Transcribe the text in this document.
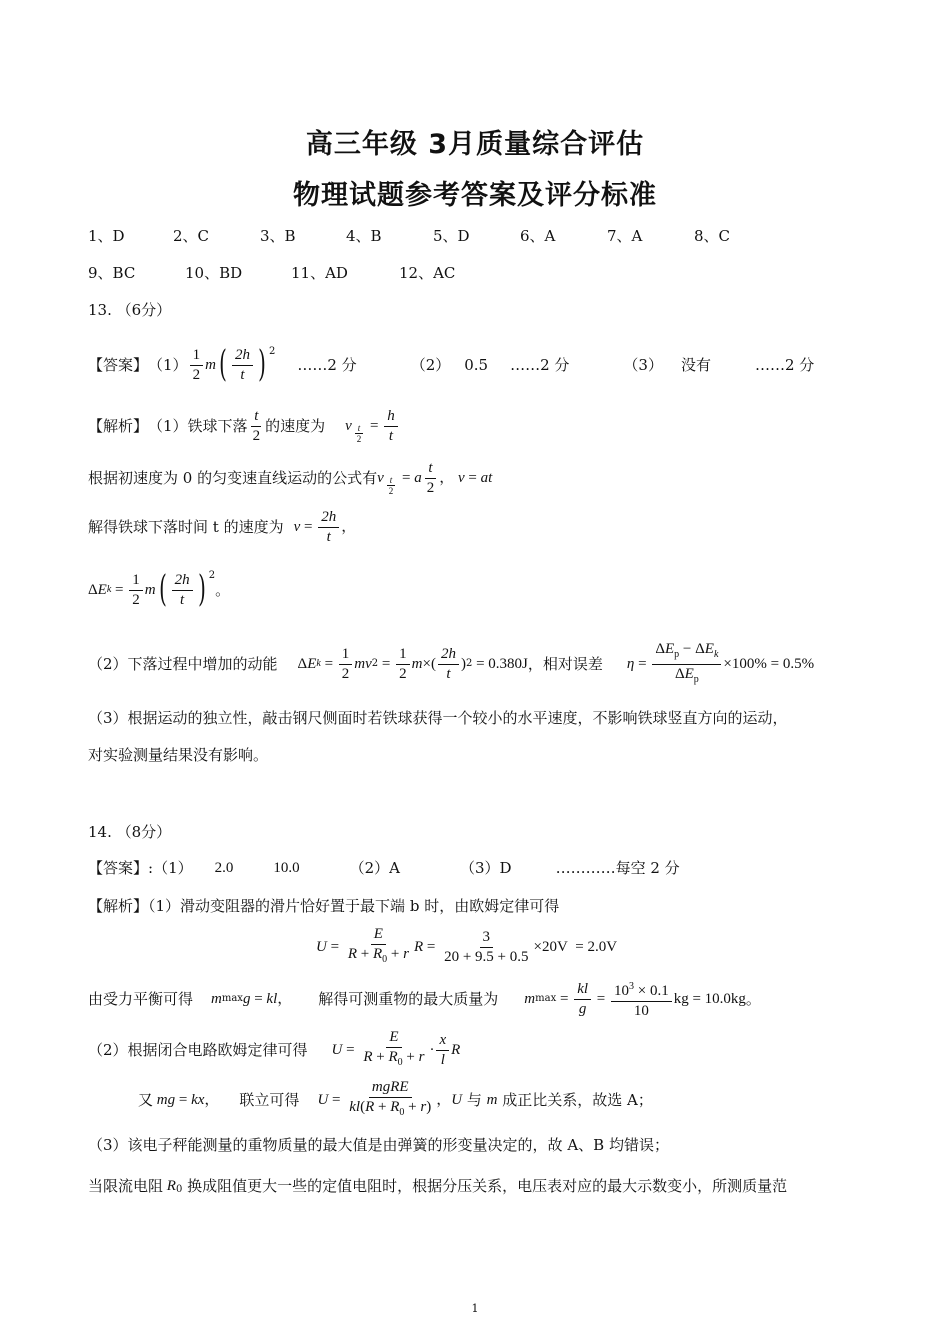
高三年级 3月质量综合评估
物理试题参考答案及评分标准
1、D	2、C	3、B	4、B	5、D	6、A	7、A	8、C
9、BC	10、BD	11、AD	12、AC
13. （6分）
【答案】 $(1) \frac{1}{2}$ m ( $\frac{2h}{t}$ ) $^2$
……2 分	（2） 0.5 ……2 分	（3） 没有	……2 分
【解析】 （1）铁球下落 $\frac{t}{2}$ 的速度为 v $_{\frac{t}{2}} = \frac{h}{t}$
根据初速度为 0 的匀变速直线运动的公式有 v $_{\frac{t}{2}}$ = a $\frac{t}{2}$ ， v = at
解得铁球下落时间 t 的速度为 $v = \frac{2h}{t}$ ，
Δ E $k = \frac{1}{2}$ m ( $\frac{2h}{t}$ ) $^2$
。
（2）下落过程中增加的动能 Δ E $k = \frac{1}{2}$ mv $2 = \frac{1}{2}$ m ×( $\frac{2h}{t}$ ) 2 = 0.380J ，相对误差 $\eta = \frac{\Delta E_p - \Delta E_k}{\Delta E_p} \times 100\% = 0.5\%$
（3）根据运动的独立性，敲击钢尺侧面时若铁球获得一个较小的水平速度，不影响铁球竖直方向的运动，
对实验测量结果没有影响。
14. （8分）
【答案】: （1） 2.0	10.0	（2）A	（3）D	…………每空 2 分
【解析】（1）滑动变阻器的滑片恰好置于最下端 b 时，由欧姆定律可得
$U = \frac{E}{R + R_0 + r}$ $R = \frac{3}{20 + 9.5 + 0.5} \times 20V = 2.0V$
由受力平衡可得 m max g = kl ， 解得可测重物的最大质量为 m $\max = \frac{kl}{g} = \frac{10^3 \times 0.1}{10}$ kg = 10.0kg 。
（2）根据闭合电路欧姆定律可得 $U = \frac{E}{R + R_0 + r} \cdot \frac{x}{l}$ R
又 mg = kx ， 联立可得 $U = \frac{\text{mgRE}}{kl(R + R_0 + r)}$ ， U 与 m
成正比关系，故选 A；
（3）该电子秤能测量的重物质量的最大值是由弹簧的形变量决定的，故 A、B 均错误；
当限流电阻 $R_0$
换成阻值更大一些的定值电阻时，根据分压关系，电压表对应的最大示数变小，所测质量范
1
